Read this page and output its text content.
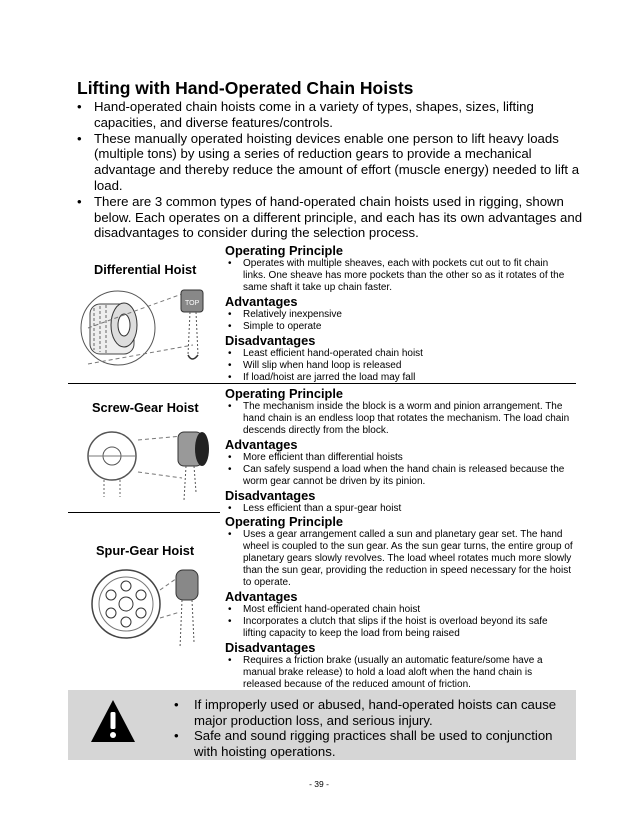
Lifting with Hand-Operated Chain Hoists
• Hand-operated chain hoists come in a variety of types, shapes, sizes, lifting capacities, and diverse features/controls.
• These manually operated hoisting devices enable one person to lift heavy loads (multiple tons) by using a series of reduction gears to provide a mechanical advantage and thereby reduce the amount of effort (muscle energy) needed to lift a load.
• There are 3 common types of hand-operated chain hoists used in rigging, shown below. Each operates on a different principle, and each has its own advantages and disadvantages to consider during the selection process.
Differential Hoist
TOP
Operating Principle
• Operates with multiple sheaves, each with pockets cut out to fit chain links. One sheave has more pockets than the other so as it rotates of the same shaft it take up chain faster.
Advantages
• Relatively inexpensive
• Simple to operate
Disadvantages
• Least efficient hand-operated chain hoist
• Will slip when hand loop is released
• If load/hoist are jarred the load may fall
Screw-Gear Hoist
Operating Principle
• The mechanism inside the block is a worm and pinion arrangement. The hand chain is an endless loop that rotates the mechanism. The load chain descends directly from the block.
Advantages
• More efficient than differential hoists
• Can safely suspend a load when the hand chain is released because the worm gear cannot be driven by its pinion.
Disadvantages
• Less efficient than a spur-gear hoist
Spur-Gear Hoist
Operating Principle
• Uses a gear arrangement called a sun and planetary gear set. The hand wheel is coupled to the sun gear. As the sun gear turns, the entire group of planetary gears slowly revolves. The load wheel rotates much more slowly than the sun gear, providing the reduction in speed necessary for the hoist to operate.
Advantages
• Most efficient hand-operated chain hoist
• Incorporates a clutch that slips if the hoist is overload beyond its safe lifting capacity to keep the load from being raised
Disadvantages
• Requires a friction brake (usually an automatic feature/some have a manual brake release) to hold a load aloft when the hand chain is released because of the reduced amount of friction.
• If improperly used or abused, hand-operated hoists can cause major production loss, and serious injury.
• Safe and sound rigging practices shall be used to conjunction with hoisting operations.
- 39 -
